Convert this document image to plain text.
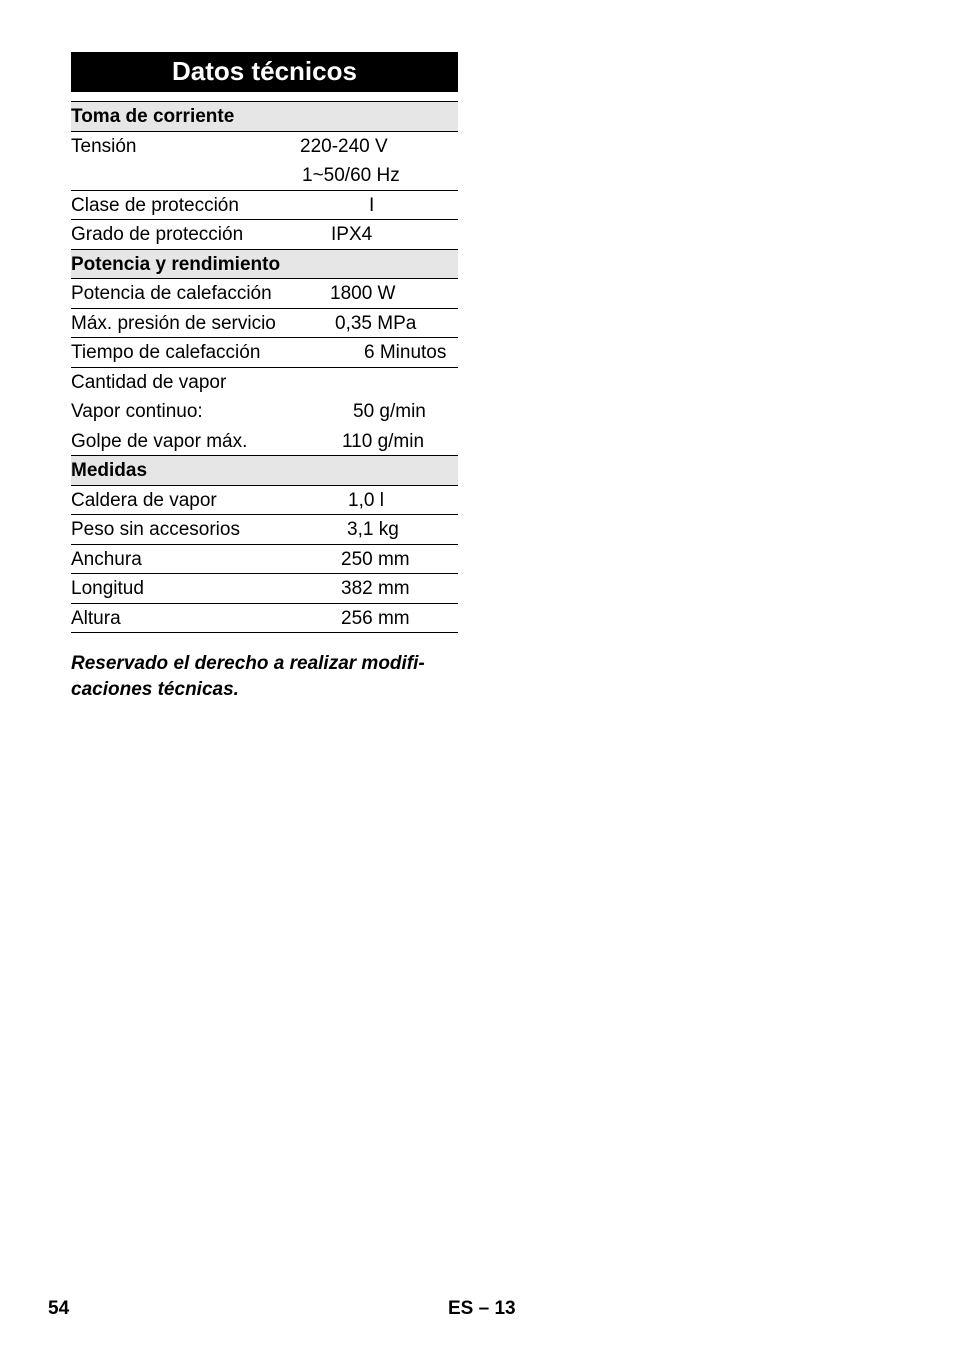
Datos técnicos
Toma de corriente
Tensión	220-240 V
1~50/60 Hz
Clase de protección	I
Grado de protección	IPX4
Potencia y rendimiento
Potencia de calefacción	1800 W
Máx. presión de servicio	0,35 MPa
Tiempo de calefacción	6 Minutos
Cantidad de vapor
Vapor continuo:	50 g/min
Golpe de vapor máx.	110 g/min
Medidas
Caldera de vapor	1,0 l
Peso sin accesorios	3,1 kg
Anchura	250 mm
Longitud	382 mm
Altura	256 mm
Reservado el derecho a realizar modifi-caciones técnicas.
54	ES – 13
